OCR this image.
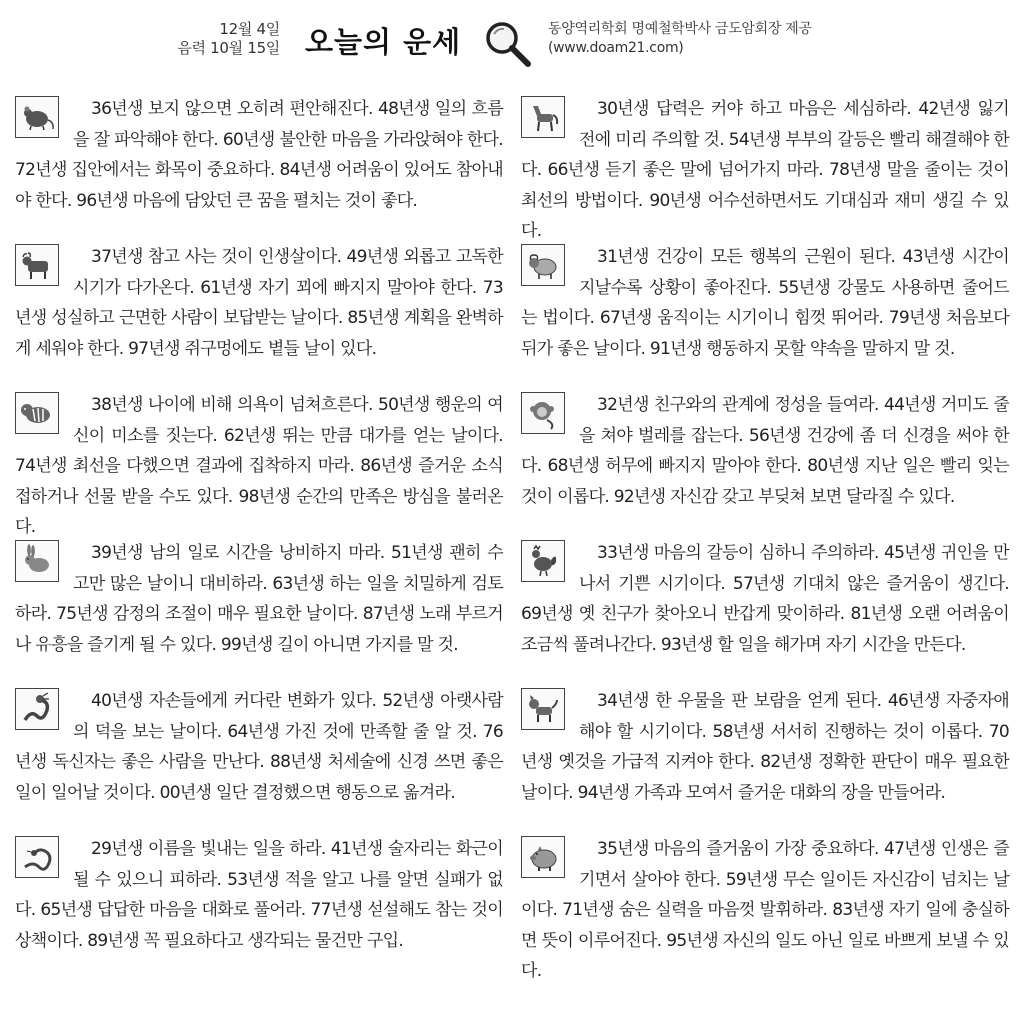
12월 4일
음력 10월 15일 오늘의 운세	동양역리학회 명예철학박사 금도암회장 제공
(www.doam21.com)

36년생 보지 않으면 오히려 편안해진다. 48년생 일의 흐름을 잘 파악해야 한다. 60년생 불안한 마음을 가라앉혀야 한다. 72년생 집안에서는 화목이 중요하다. 84년생 어려움이 있어도 참아내야 한다. 96년생 마음에 담았던 큰 꿈을 펼치는 것이 좋다.

37년생 참고 사는 것이 인생살이다. 49년생 외롭고 고독한 시기가 다가온다. 61년생 자기 꾀에 빠지지 말아야 한다. 73년생 성실하고 근면한 사람이 보답받는 날이다. 85년생 계획을 완벽하게 세워야 한다. 97년생 쥐구멍에도 볕들 날이 있다.

38년생 나이에 비해 의욕이 넘쳐흐른다. 50년생 행운의 여신이 미소를 짓는다. 62년생 뛰는 만큼 대가를 얻는 날이다. 74년생 최선을 다했으면 결과에 집착하지 마라. 86년생 즐거운 소식 접하거나 선물 받을 수도 있다. 98년생 순간의 만족은 방심을 불러온다.

39년생 남의 일로 시간을 낭비하지 마라. 51년생 괜히 수고만 많은 날이니 대비하라. 63년생 하는 일을 치밀하게 검토하라. 75년생 감정의 조절이 매우 필요한 날이다. 87년생 노래 부르거나 유흥을 즐기게 될 수 있다. 99년생 길이 아니면 가지를 말 것.

40년생 자손들에게 커다란 변화가 있다. 52년생 아랫사람의 덕을 보는 날이다. 64년생 가진 것에 만족할 줄 알 것. 76년생 독신자는 좋은 사람을 만난다. 88년생 처세술에 신경 쓰면 좋은 일이 일어날 것이다. 00년생 일단 결정했으면 행동으로 옮겨라.

29년생 이름을 빛내는 일을 하라. 41년생 술자리는 화근이 될 수 있으니 피하라. 53년생 적을 알고 나를 알면 실패가 없다. 65년생 답답한 마음을 대화로 풀어라. 77년생 섣설해도 참는 것이 상책이다. 89년생 꼭 필요하다고 생각되는 물건만 구입.

30년생 답력은 커야 하고 마음은 세심하라. 42년생 잃기 전에 미리 주의할 것. 54년생 부부의 갈등은 빨리 해결해야 한다. 66년생 듣기 좋은 말에 넘어가지 마라. 78년생 말을 줄이는 것이 최선의 방법이다. 90년생 어수선하면서도 기대심과 재미 생길 수 있다.

31년생 건강이 모든 행복의 근원이 된다. 43년생 시간이 지날수록 상황이 좋아진다. 55년생 강물도 사용하면 줄어드는 법이다. 67년생 움직이는 시기이니 힘껏 뛰어라. 79년생 처음보다 뒤가 좋은 날이다. 91년생 행동하지 못할 약속을 말하지 말 것.

32년생 친구와의 관계에 정성을 들여라. 44년생 거미도 줄을 쳐야 벌레를 잡는다. 56년생 건강에 좀 더 신경을 써야 한다. 68년생 허무에 빠지지 말아야 한다. 80년생 지난 일은 빨리 잊는 것이 이롭다. 92년생 자신감 갖고 부딪쳐 보면 달라질 수 있다.

33년생 마음의 갈등이 심하니 주의하라. 45년생 귀인을 만나서 기쁜 시기이다. 57년생 기대치 않은 즐거움이 생긴다. 69년생 옛 친구가 찾아오니 반갑게 맞이하라. 81년생 오랜 어려움이 조금씩 풀려나간다. 93년생 할 일을 해가며 자기 시간을 만든다.

34년생 한 우물을 판 보람을 얻게 된다. 46년생 자중자애해야 할 시기이다. 58년생 서서히 진행하는 것이 이롭다. 70년생 옛것을 가급적 지켜야 한다. 82년생 정확한 판단이 매우 필요한 날이다. 94년생 가족과 모여서 즐거운 대화의 장을 만들어라.

35년생 마음의 즐거움이 가장 중요하다. 47년생 인생은 즐기면서 살아야 한다. 59년생 무슨 일이든 자신감이 넘치는 날이다. 71년생 숨은 실력을 마음껏 발휘하라. 83년생 자기 일에 충실하면 뜻이 이루어진다. 95년생 자신의 일도 아닌 일로 바쁘게 보낼 수 있다.
